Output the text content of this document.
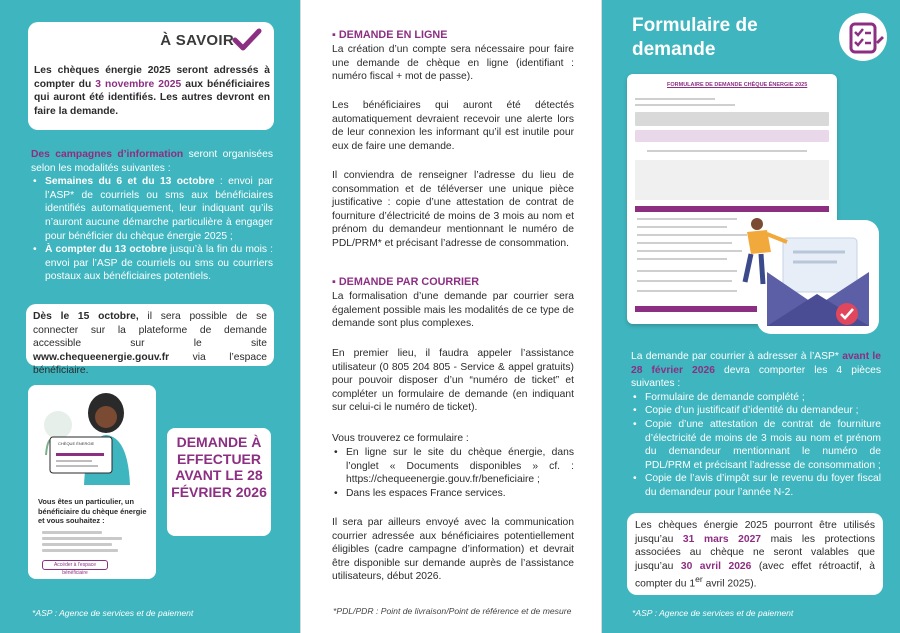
À SAVOIR
Les chèques énergie 2025 seront adressés à compter du 3 novembre 2025 aux bénéficiaires qui auront été identifiés. Les autres devront en faire la demande.
Des campagnes d’information seront organisées selon les modalités suivantes :
• Semaines du 6 et du 13 octobre : envoi par l’ASP* de courriels ou sms aux bénéficiaires identifiés automatiquement, leur indiquant qu’ils n’auront aucune démarche particulière à engager pour bénéficier du chèque énergie 2025 ;
• À compter du 13 octobre jusqu’à la fin du mois : envoi par l’ASP de courriels ou sms ou courriers postaux aux bénéficiaires potentiels.
Dès le 15 octobre, il sera possible de se connecter sur la plateforme de demande accessible sur le site www.chequeenergie.gouv.fr via l’espace bénéficiaire.
CHÈQUE ÉNERGIE
Vous êtes un particulier, un bénéficiaire du chèque énergie et vous souhaitez :
Accéder à l'espace bénéficiaire
DEMANDE À EFFECTUER AVANT LE 28 FÉVRIER 2026
*ASP : Agence de services et de paiement
▪ DEMANDE EN LIGNE
La création d’un compte sera nécessaire pour faire une demande de chèque en ligne (identifiant : numéro fiscal + mot de passe).
Les bénéficiaires qui auront été détectés automatiquement devraient recevoir une alerte lors de leur connexion les informant qu’il est inutile pour eux de faire une demande.
Il conviendra de renseigner l’adresse du lieu de consommation et de téléverser une unique pièce justificative : copie d’une attestation de contrat de fourniture d’électricité de moins de 3 mois au nom et prénom du demandeur mentionnant le numéro de PDL/PRM* et précisant l’adresse de consommation.
▪ DEMANDE PAR COURRIER
La formalisation d’une demande par courrier sera également possible mais les modalités de ce type de demande sont plus complexes.
En premier lieu, il faudra appeler l’assistance utilisateur (0 805 204 805 - Service & appel gratuits) pour pouvoir disposer d’un “numéro de ticket” et compléter un formulaire de demande (en indiquant sur celui-ci le numéro de ticket).
Vous trouverez ce formulaire :
• En ligne sur le site du chèque énergie, dans l’onglet « Documents disponibles » cf. : https://chequeenergie.gouv.fr/beneficiaire ;
• Dans les espaces France services.
Il sera par ailleurs envoyé avec la communication courrier adressée aux bénéficiaires potentiellement éligibles (cadre campagne d’information) et devrait être disponible sur demande auprès de l’assistance utilisateurs, début 2026.
*PDL/PDR : Point de livraison/Point de référence et de mesure
Formulaire de demande
FORMULAIRE DE DEMANDE CHÈQUE ÉNERGIE 2025
La demande par courrier à adresser à l’ASP* avant le 28 février 2026 devra comporter les 4 pièces suivantes :
• Formulaire de demande complété ;
• Copie d’un justificatif d’identité du demandeur ;
• Copie d’une attestation de contrat de fourniture d’électricité de moins de 3 mois au nom et prénom du demandeur mentionnant le numéro de PDL/PRM et précisant l’adresse de consommation ;
• Copie de l’avis d’impôt sur le revenu du foyer fiscal du demandeur pour l’année N-2.
Les chèques énergie 2025 pourront être utilisés jusqu’au 31 mars 2027 mais les protections associées au chèque ne seront valables que jusqu’au 30 avril 2026 (avec effet rétroactif, à compter du 1er avril 2025).
*ASP : Agence de services et de paiement
